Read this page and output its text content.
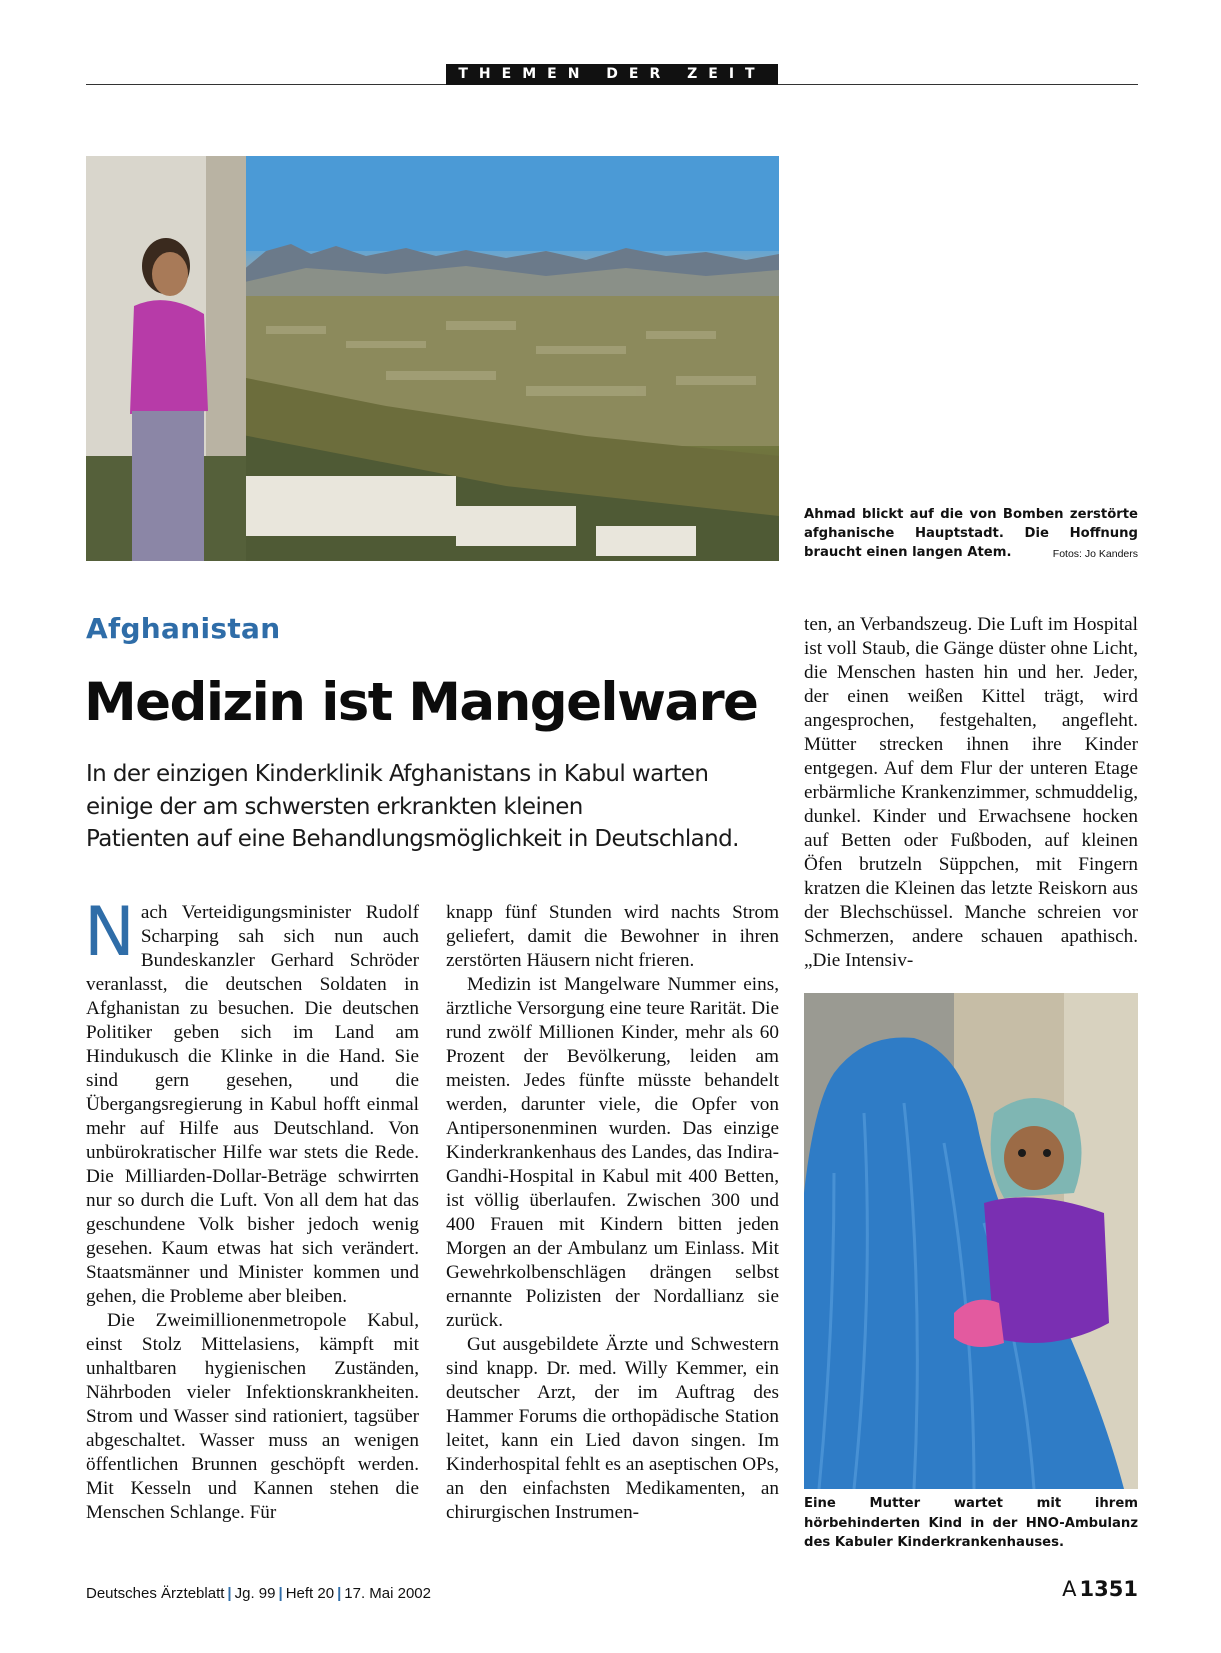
THEMEN DER ZEIT
Ahmad blickt auf die von Bomben zerstörte afghanische Hauptstadt. Die Hoffnung braucht einen langen Atem.	Fotos: Jo Kanders
Afghanistan
Medizin ist Mangelware
In der einzigen Kinderklinik Afghanistans in Kabul warten
einige der am schwersten erkrankten kleinen
Patienten auf eine Behandlungsmöglichkeit in Deutschland.

Nach Verteidigungsminister Rudolf Scharping sah sich nun auch Bundeskanzler Gerhard Schröder veranlasst, die deutschen Soldaten in Afghanistan zu besuchen. Die deutschen Politiker geben sich im Land am Hindukusch die Klinke in die Hand. Sie sind gern gesehen, und die Übergangsregierung in Kabul hofft einmal mehr auf Hilfe aus Deutschland. Von unbürokratischer Hilfe war stets die Rede. Die Milliarden-Dollar-Beträge schwirrten nur so durch die Luft. Von all dem hat das geschundene Volk bisher jedoch wenig gesehen. Kaum etwas hat sich verändert. Staatsmänner und Minister kommen und gehen, die Probleme aber bleiben.

Die Zweimillionenmetropole Kabul, einst Stolz Mittelasiens, kämpft mit unhaltbaren hygienischen Zuständen, Nährboden vieler Infektionskrankheiten. Strom und Wasser sind rationiert, tagsüber abgeschaltet. Wasser muss an wenigen öffentlichen Brunnen geschöpft werden. Mit Kesseln und Kannen stehen die Menschen Schlange. Für

knapp fünf Stunden wird nachts Strom geliefert, damit die Bewohner in ihren zerstörten Häusern nicht frieren.

Medizin ist Mangelware Nummer eins, ärztliche Versorgung eine teure Rarität. Die rund zwölf Millionen Kinder, mehr als 60 Prozent der Bevölkerung, leiden am meisten. Jedes fünfte müsste behandelt werden, darunter viele, die Opfer von Antipersonenminen wurden. Das einzige Kinderkrankenhaus des Landes, das Indira-Gandhi-Hospital in Kabul mit 400 Betten, ist völlig überlaufen. Zwischen 300 und 400 Frauen mit Kindern bitten jeden Morgen an der Ambulanz um Einlass. Mit Gewehrkolbenschlägen drängen selbst ernannte Polizisten der Nordallianz sie zurück.

Gut ausgebildete Ärzte und Schwestern sind knapp. Dr. med. Willy Kemmer, ein deutscher Arzt, der im Auftrag des Hammer Forums die orthopädische Station leitet, kann ein Lied davon singen. Im Kinderhospital fehlt es an aseptischen OPs, an den einfachsten Medikamenten, an chirurgischen Instrumen-

ten, an Verbandszeug. Die Luft im Hospital ist voll Staub, die Gänge düster ohne Licht, die Menschen hasten hin und her. Jeder, der einen weißen Kittel trägt, wird angesprochen, festgehalten, angefleht. Mütter strecken ihnen ihre Kinder entgegen. Auf dem Flur der unteren Etage erbärmliche Krankenzimmer, schmuddelig, dunkel. Kinder und Erwachsene hocken auf Betten oder Fußboden, auf kleinen Öfen brutzeln Süppchen, mit Fingern kratzen die Kleinen das letzte Reiskorn aus der Blechschüssel. Manche schreien vor Schmerzen, andere schauen apathisch. „Die Intensiv-

Eine Mutter wartet mit ihrem hörbehinderten Kind in der HNO-Ambulanz des Kabuler Kinderkrankenhauses.
Deutsches Ärzteblatt | Jg. 99 | Heft 20 | 17. Mai 2002	A 1351
